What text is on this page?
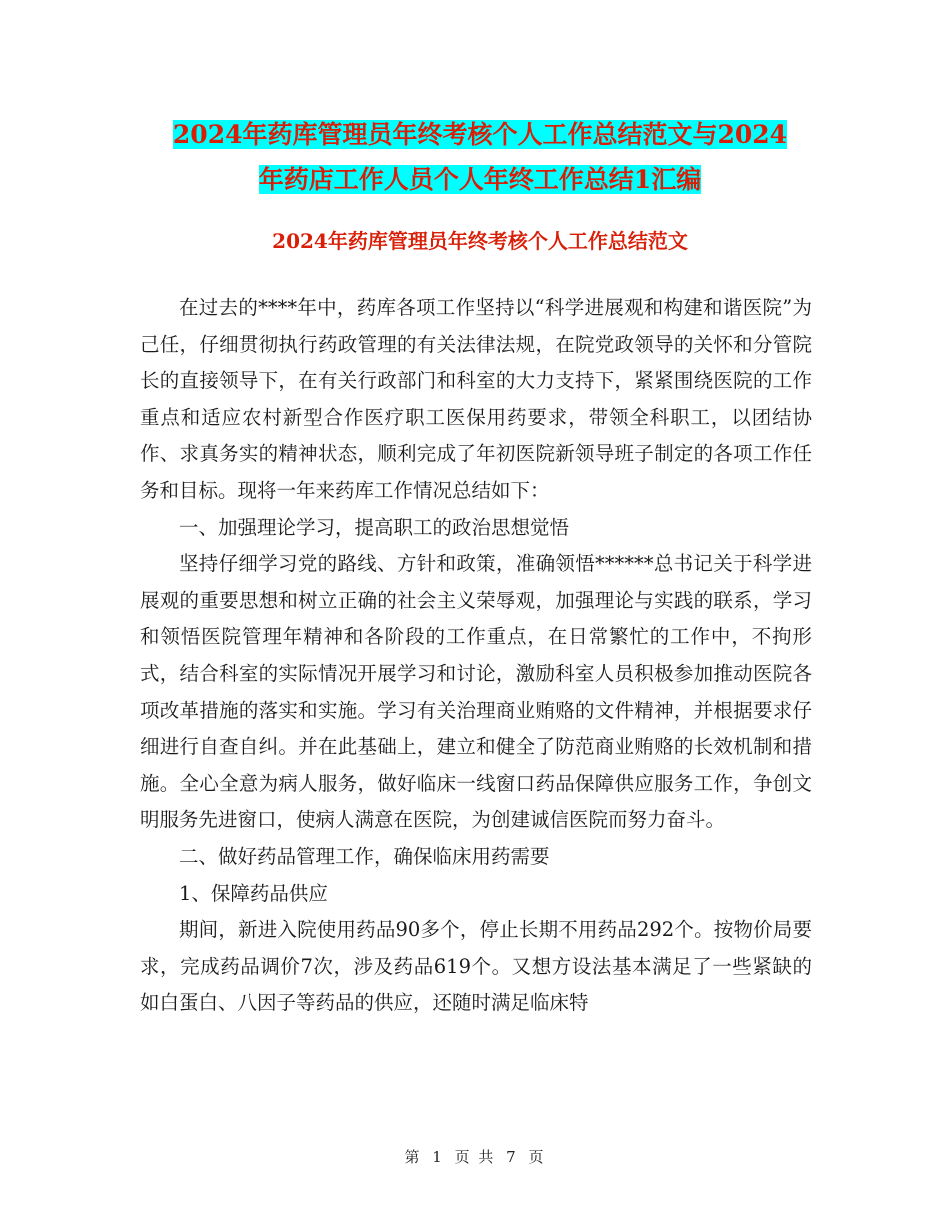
2024年药库管理员年终考核个人工作总结范文与2024
年药店工作人员个人年终工作总结1汇编
2024年药库管理员年终考核个人工作总结范文

在过去的****年中，药库各项工作坚持以“科学进展观和构建和谐医院”为己任，仔细贯彻执行药政管理的有关法律法规，在院党政领导的关怀和分管院长的直接领导下，在有关行政部门和科室的大力支持下，紧紧围绕医院的工作重点和适应农村新型合作医疗职工医保用药要求，带领全科职工，以团结协作、求真务实的精神状态，顺利完成了年初医院新领导班子制定的各项工作任务和目标。现将一年来药库工作情况总结如下：

一、加强理论学习，提高职工的政治思想觉悟

坚持仔细学习党的路线、方针和政策，准确领悟******总书记关于科学进展观的重要思想和树立正确的社会主义荣辱观，加强理论与实践的联系，学习和领悟医院管理年精神和各阶段的工作重点，在日常繁忙的工作中，不拘形式，结合科室的实际情况开展学习和讨论，激励科室人员积极参加推动医院各项改革措施的落实和实施。学习有关治理商业贿赂的文件精神，并根据要求仔细进行自查自纠。并在此基础上，建立和健全了防范商业贿赂的长效机制和措施。全心全意为病人服务，做好临床一线窗口药品保障供应服务工作，争创文明服务先进窗口，使病人满意在医院，为创建诚信医院而努力奋斗。

二、做好药品管理工作，确保临床用药需要

1、保障药品供应

期间，新进入院使用药品90多个，停止长期不用药品292个。按物价局要求，完成药品调价7次，涉及药品619个。又想方设法基本满足了一些紧缺的如白蛋白、八因子等药品的供应，还随时满足临床特

第 1 页 共 7 页
